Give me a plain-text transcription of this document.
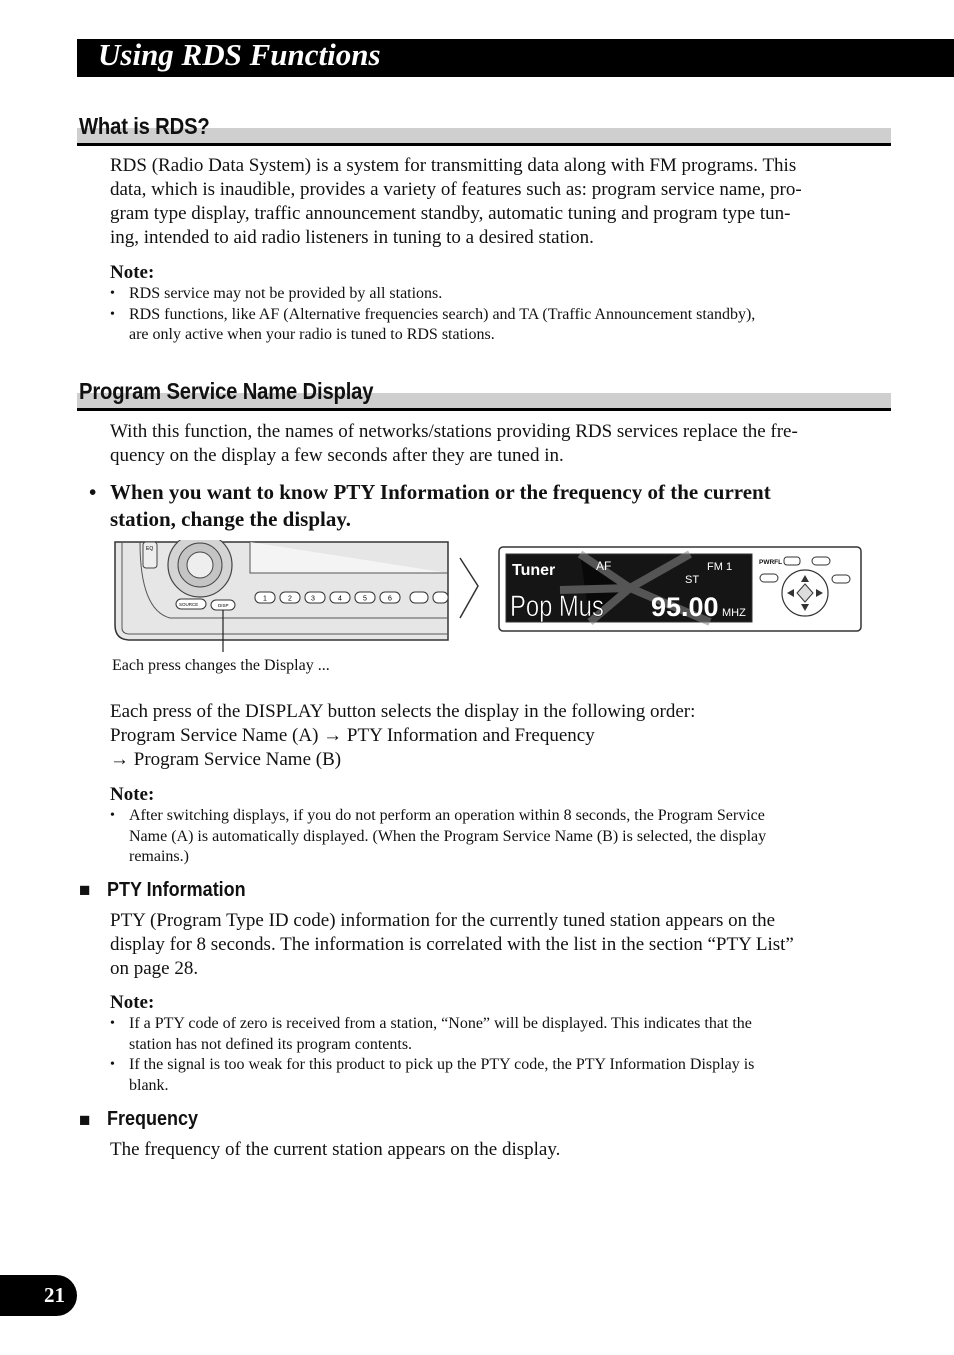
Using RDS Functions
What is RDS?
RDS (Radio Data System) is a system for transmitting data along with FM programs. This
data, which is inaudible, provides a variety of features such as: program service name, pro-
gram type display, traffic announcement standby, automatic tuning and program type tun-
ing, intended to aid radio listeners in tuning to a desired station.
Note:
• RDS service may not be provided by all stations.
• RDS functions, like AF (Alternative frequencies search) and TA (Traffic Announcement standby),
are only active when your radio is tuned to RDS stations.
Program Service Name Display
With this function, the names of networks/stations providing RDS services replace the fre-
quency on the display a few seconds after they are tuned in.
• When you want to know PTY Information or the frequency of the current
station, change the display.
EQ
SOURCE	DISP
1	2	3	4	5	6
Tuner	AF	FM 1
ST
Pop Mus 95.00 MHZ
PWRFL
Each press changes the Display ...
Each press of the DISPLAY button selects the display in the following order:
Program Service Name (A) → PTY Information and Frequency
→ Program Service Name (B)
Note:
• After switching displays, if you do not perform an operation within 8 seconds, the Program Service
Name (A) is automatically displayed. (When the Program Service Name (B) is selected, the display
remains.)
■ PTY Information
PTY (Program Type ID code) information for the currently tuned station appears on the
display for 8 seconds. The information is correlated with the list in the section “PTY List”
on page 28.
Note:
• If a PTY code of zero is received from a station, “None” will be displayed. This indicates that the
station has not defined its program contents.
• If the signal is too weak for this product to pick up the PTY code, the PTY Information Display is
blank.
■ Frequency
The frequency of the current station appears on the display.
21
